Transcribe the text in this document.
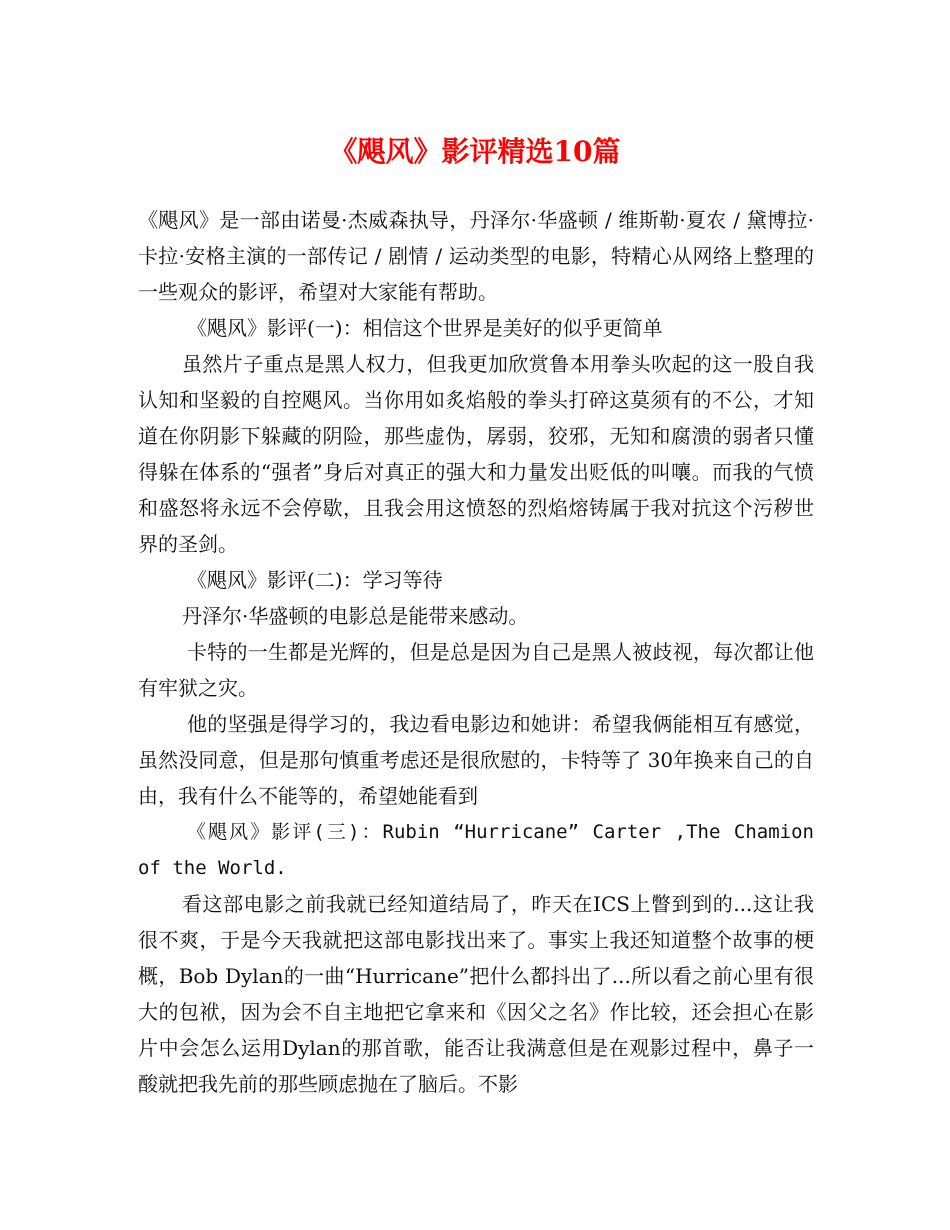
《飓风》影评精选10篇

《飓风》是一部由诺曼·杰威森执导，丹泽尔·华盛顿 / 维斯勒·夏农 / 黛博拉·卡拉·安格主演的一部传记 / 剧情 / 运动类型的电影，特精心从网络上整理的一些观众的影评，希望对大家能有帮助。

《飓风》影评(一)：相信这个世界是美好的似乎更简单

虽然片子重点是黑人权力，但我更加欣赏鲁本用拳头吹起的这一股自我认知和坚毅的自控飓风。当你用如炙焰般的拳头打碎这莫须有的不公，才知道在你阴影下躲藏的阴险，那些虚伪，孱弱，狡邪，无知和腐溃的弱者只懂得躲在体系的“强者”身后对真正的强大和力量发出贬低的叫嚷。而我的气愤和盛怒将永远不会停歇，且我会用这愤怒的烈焰熔铸属于我对抗这个污秽世界的圣剑。

《飓风》影评(二)：学习等待

丹泽尔·华盛顿的电影总是能带来感动。

卡特的一生都是光辉的，但是总是因为自己是黑人被歧视，每次都让他有牢狱之灾。

他的坚强是得学习的，我边看电影边和她讲：希望我俩能相互有感觉，虽然没同意，但是那句慎重考虑还是很欣慰的，卡特等了 30年换来自己的自由，我有什么不能等的，希望她能看到

《飓风》影评(三)：Rubin “Hurricane” Carter ,The Chamion of the World.

看这部电影之前我就已经知道结局了，昨天在ICS上瞥到到的...这让我很不爽，于是今天我就把这部电影找出来了。事实上我还知道整个故事的梗概，Bob Dylan的一曲“Hurricane”把什么都抖出了...所以看之前心里有很大的包袱，因为会不自主地把它拿来和《因父之名》作比较，还会担心在影片中会怎么运用Dylan的那首歌，能否让我满意但是在观影过程中，鼻子一酸就把我先前的那些顾虑抛在了脑后。不影
